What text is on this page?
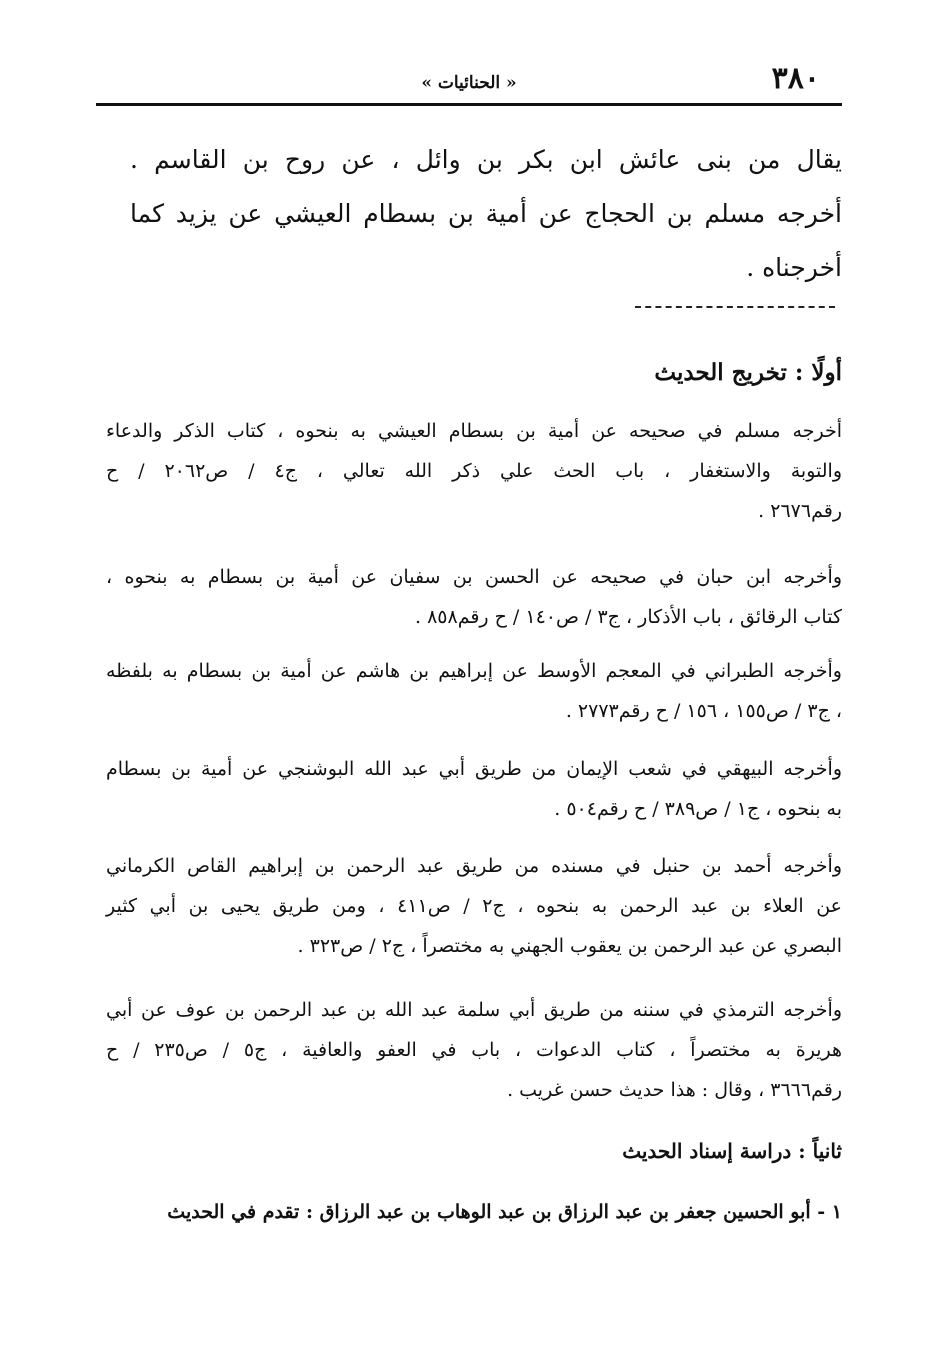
٣٨٠
« الحنائيات »
يقال من بنى عائش ابن بكر بن وائل ، عن روح بن القاسم .
أخرجه مسلم بن الحجاج عن أمية بن بسطام العيشي عن يزيد كما
أخرجناه .
أولًا : تخريج الحديث
أخرجه مسلم في صحيحه عن أمية بن بسطام العيشي به بنحوه ، كتاب الذكر والدعاء
والتوبة والاستغفار ، باب الحث علي ذكر الله تعالي ، ج٤ / ص٢٠٦٢ / ح
رقم٢٦٧٦ .
وأخرجه ابن حبان في صحيحه عن الحسن بن سفيان عن أمية بن بسطام به بنحوه ،
كتاب الرقائق ، باب الأذكار ، ج٣ / ص١٤٠ / ح رقم٨٥٨ .
وأخرجه الطبراني في المعجم الأوسط عن إبراهيم بن هاشم عن أمية بن بسطام به بلفظه
، ج٣ / ص١٥٥ ، ١٥٦ / ح رقم٢٧٧٣ .
وأخرجه البيهقي في شعب الإيمان من طريق أبي عبد الله البوشنجي عن أمية بن بسطام
به بنحوه ، ج١ / ص٣٨٩ / ح رقم٥٠٤ .
وأخرجه أحمد بن حنبل في مسنده من طريق عبد الرحمن بن إبراهيم القاص الكرماني
عن العلاء بن عبد الرحمن به بنحوه ، ج٢ / ص٤١١ ، ومن طريق يحيى بن أبي كثير
البصري عن عبد الرحمن بن يعقوب الجهني به مختصراً ، ج٢ / ص٣٢٣ .
وأخرجه الترمذي في سننه من طريق أبي سلمة عبد الله بن عبد الرحمن بن عوف عن أبي
هريرة به مختصراً ، كتاب الدعوات ، باب في العفو والعافية ، ج٥ / ص٢٣٥ / ح
رقم٣٦٦٦ ، وقال : هذا حديث حسن غريب .
ثانياً : دراسة إسناد الحديث
١ - أبو الحسين جعفر بن عبد الرزاق بن عبد الوهاب بن عبد الرزاق : تقدم في الحديث
